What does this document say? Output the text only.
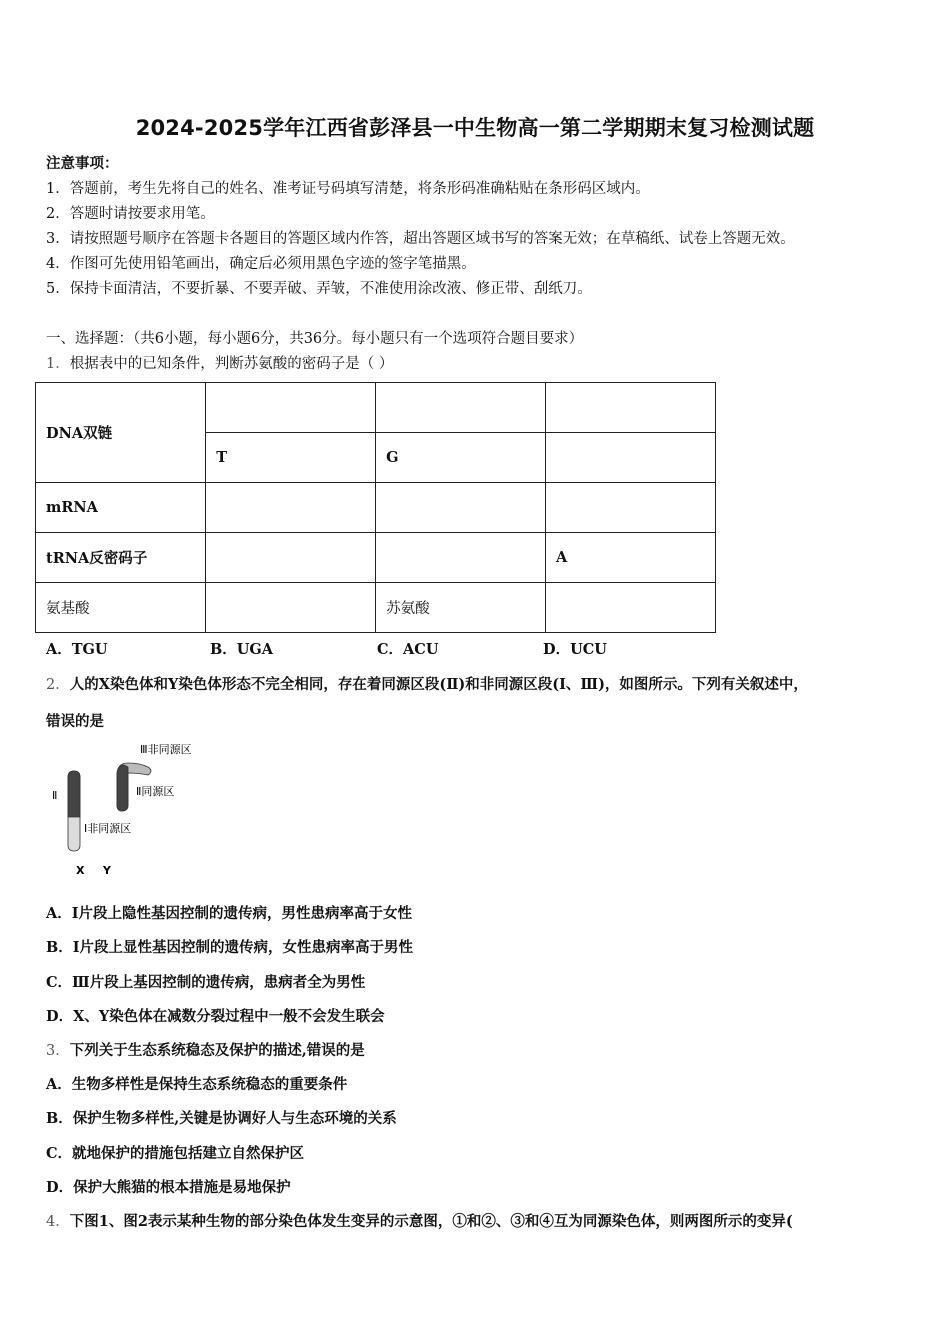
2024-2025学年江西省彭泽县一中生物高一第二学期期末复习检测试题
注意事项：
1．答题前，考生先将自己的姓名、准考证号码填写清楚，将条形码准确粘贴在条形码区域内。
2．答题时请按要求用笔。
3．请按照题号顺序在答题卡各题目的答题区域内作答，超出答题区域书写的答案无效；在草稿纸、试卷上答题无效。
4．作图可先使用铅笔画出，确定后必须用黑色字迹的签字笔描黑。
5．保持卡面清洁，不要折暴、不要弄破、弄皱，不准使用涂改液、修正带、刮纸刀。
一、选择题：（共6小题，每小题6分，共36分。每小题只有一个选项符合题目要求）
1．根据表中的已知条件，判断苏氨酸的密码子是（ ）
DNA双链			
	T	G	
mRNA			
tRNA反密码子			A
氨基酸		苏氨酸	
A．TGU	B．UGA	C．ACU	D．UCU
2．人的X染色体和Y染色体形态不完全相同，存在着同源区段(Ⅱ)和非同源区段(Ⅰ、Ⅲ)，如图所示。下列有关叙述中，
错误的是
Ⅲ非同源区
Ⅱ同源区
Ⅱ
Ⅰ非同源区
X Y
A．Ⅰ片段上隐性基因控制的遗传病，男性患病率高于女性
B．Ⅰ片段上显性基因控制的遗传病，女性患病率高于男性
C．Ⅲ片段上基因控制的遗传病，患病者全为男性
D．X、Y染色体在减数分裂过程中一般不会发生联会
3．下列关于生态系统稳态及保护的描述,错误的是
A．生物多样性是保持生态系统稳态的重要条件
B．保护生物多样性,关键是协调好人与生态环境的关系
C．就地保护的措施包括建立自然保护区
D．保护大熊猫的根本措施是易地保护
4．下图1、图2表示某种生物的部分染色体发生变异的示意图，①和②、③和④互为同源染色体，则两图所示的变异(
